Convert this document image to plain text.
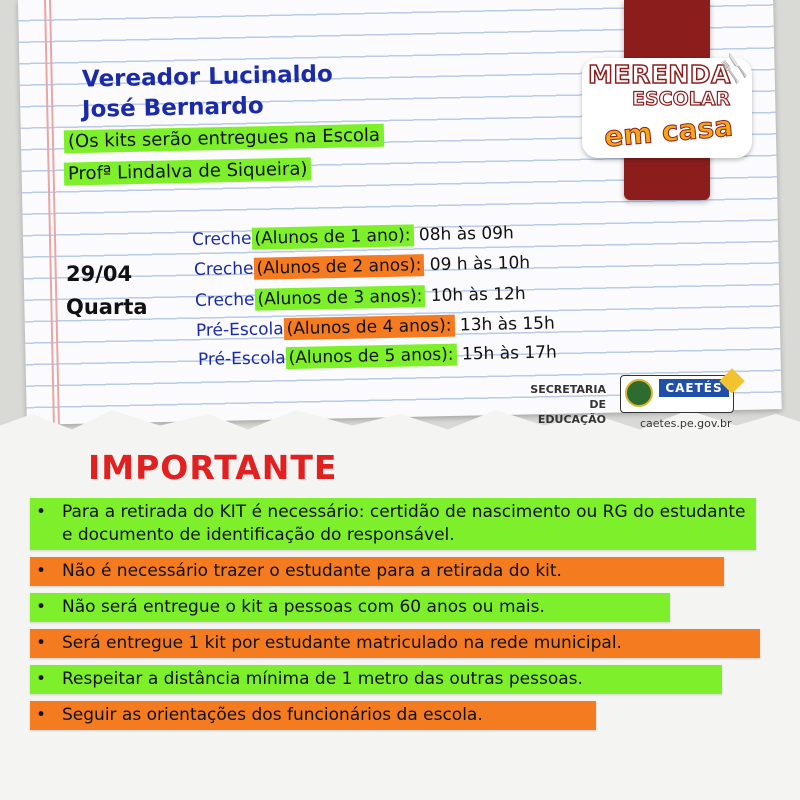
MERENDA
ESCOLAR
em casa
🍴
Vereador Lucinaldo
José Bernardo
(Os kits serão entregues na Escola
Profª Lindalva de Siqueira)
29/04
Quarta
Creche (Alunos de 1 ano): 08h às 09h
Creche (Alunos de 2 anos): 09 h às 10h
Creche (Alunos de 3 anos): 10h às 12h
Pré-Escola (Alunos de 4 anos): 13h às 15h
Pré-Escola (Alunos de 5 anos): 15h às 17h
SECRETARIA DE
EDUCAÇÃO
CAETÉS
caetes.pe.gov.br
IMPORTANTE
• Para a retirada do KIT é necessário: certidão de nascimento ou RG do estudante e documento de identificação do responsável.
• Não é necessário trazer o estudante para a retirada do kit.
• Não será entregue o kit a pessoas com 60 anos ou mais.
• Será entregue 1 kit por estudante matriculado na rede municipal.
• Respeitar a distância mínima de 1 metro das outras pessoas.
• Seguir as orientações dos funcionários da escola.
